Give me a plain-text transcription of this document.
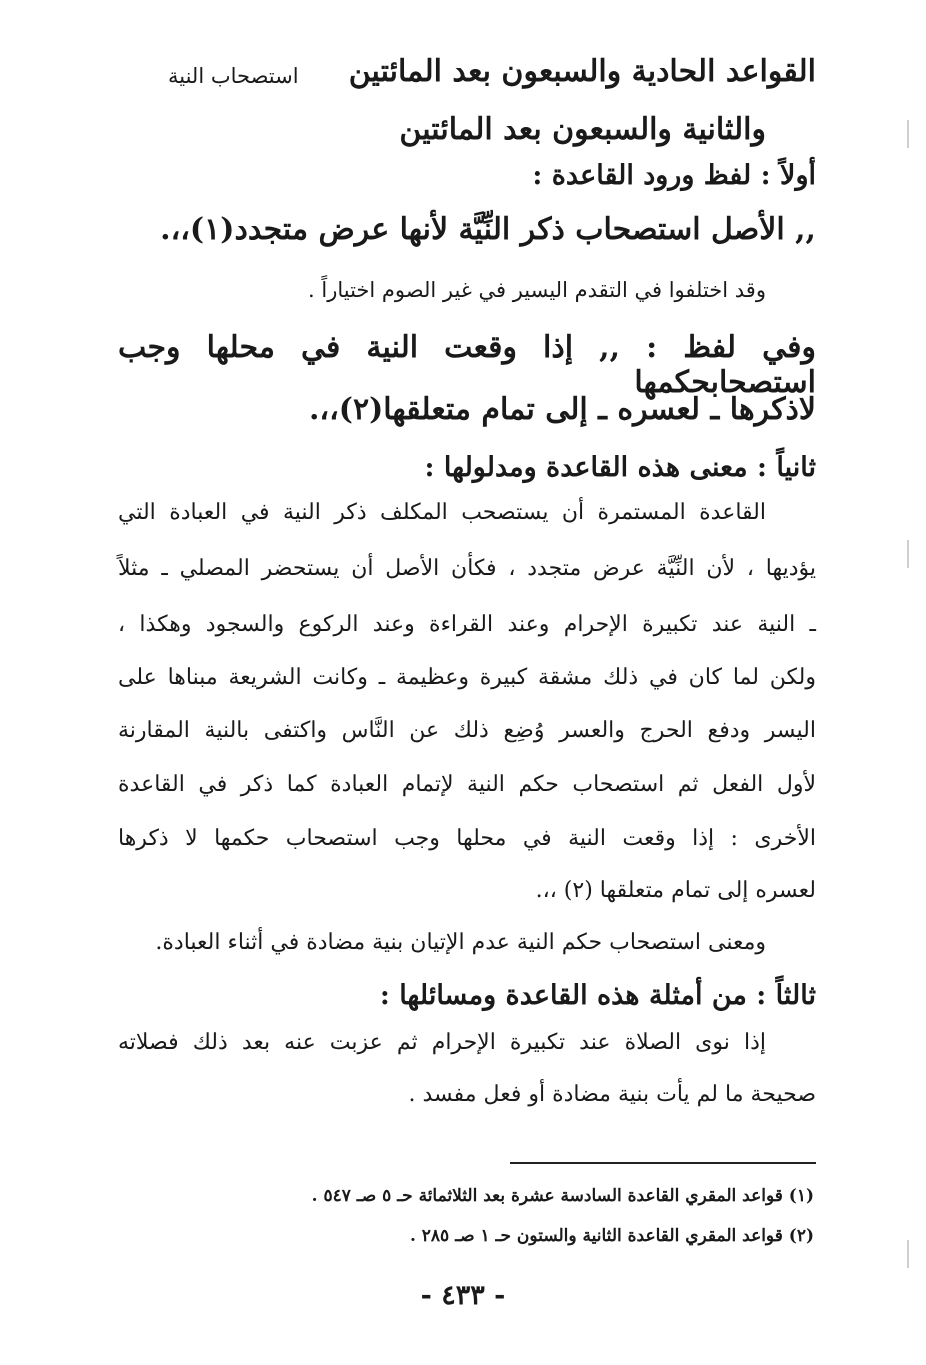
القواعد الحادية والسبعون بعد المائتين
استصحاب النية
والثانية والسبعون بعد المائتين
أولاً : لفظ ورود القاعدة :
,, الأصل استصحاب ذكر النِّيَّة لأنها عرض متجدد(١)،،.
وقد اختلفوا في التقدم اليسير في غير الصوم اختياراً .
وفي لفظ : ,, إذا وقعت النية في محلها وجب استصحابحكمها
لاذكرها ـ لعسره ـ إلى تمام متعلقها(٢)،،.
ثانياً : معنى هذه القاعدة ومدلولها :
القاعدة المستمرة أن يستصحب المكلف ذكر النية في العبادة التي
يؤديها ، لأن النِّيَّة عرض متجدد ، فكأن الأصل أن يستحضر المصلي ـ مثلاً
ـ النية عند تكبيرة الإحرام وعند القراءة وعند الركوع والسجود وهكذا ،
ولكن لما كان في ذلك مشقة كبيرة وعظيمة ـ وكانت الشريعة مبناها على
اليسر ودفع الحرج والعسر وُضِع ذلك عن النَّاس واكتفى بالنية المقارنة
لأول الفعل ثم استصحاب حكم النية لإتمام العبادة كما ذكر في القاعدة
الأخرى : إذا وقعت النية في محلها وجب استصحاب حكمها لا ذكرها
لعسره إلى تمام متعلقها (٢) ،،.
ومعنى استصحاب حكم النية عدم الإتيان بنية مضادة في أثناء العبادة.
ثالثاً : من أمثلة هذه القاعدة ومسائلها :
إذا نوى الصلاة عند تكبيرة الإحرام ثم عزبت عنه بعد ذلك فصلاته
صحيحة ما لم يأت بنية مضادة أو فعل مفسد .
(١) قواعد المقري القاعدة السادسة عشرة بعد الثلاثمائة حـ ٥ صـ ٥٤٧ .
(٢) قواعد المقري القاعدة الثانية والستون حـ ١ صـ ٢٨٥ .
- ٤٣٣ -
